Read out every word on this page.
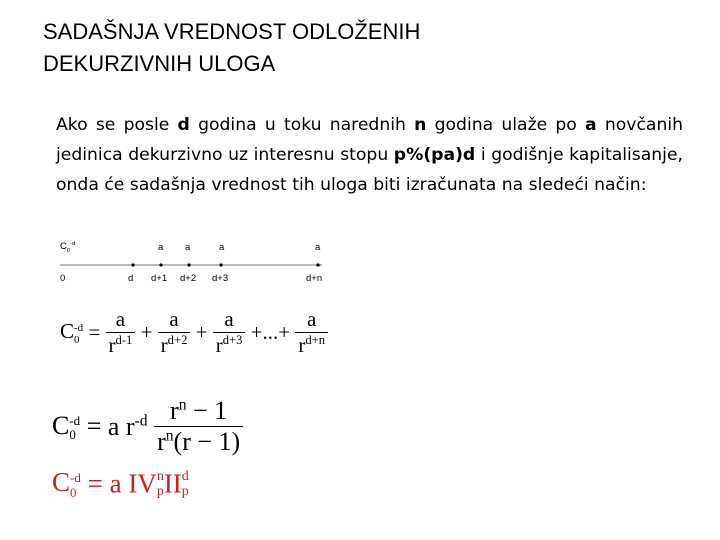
SADAŠNJA VREDNOST ODLOŽENIH
DEKURZIVNIH ULOGA
Ako se posle d godina u toku narednih n godina ulaže po a novčanih jedinica dekurzivno uz interesnu stopu p%(pa)d i godišnje kapitalisanje, onda će sadašnja vrednost tih uloga biti izračunata na sledeći način:
$C_0^{-d}$	a a	a	a
0	d d+1 d+2 d+3	d+n
C -d
$0 = \frac{a}{r^{d-1}} + \frac{a}{r^{d+2}} + \frac{a}{r^{d+3}}$ +...+ $\frac{a}{r^{d+n}}$
C -d
0 = a $r^{-d} \frac{r^n - 1}{r^n(r - 1)}$
C -d
0 = a IV n
p II d
p
